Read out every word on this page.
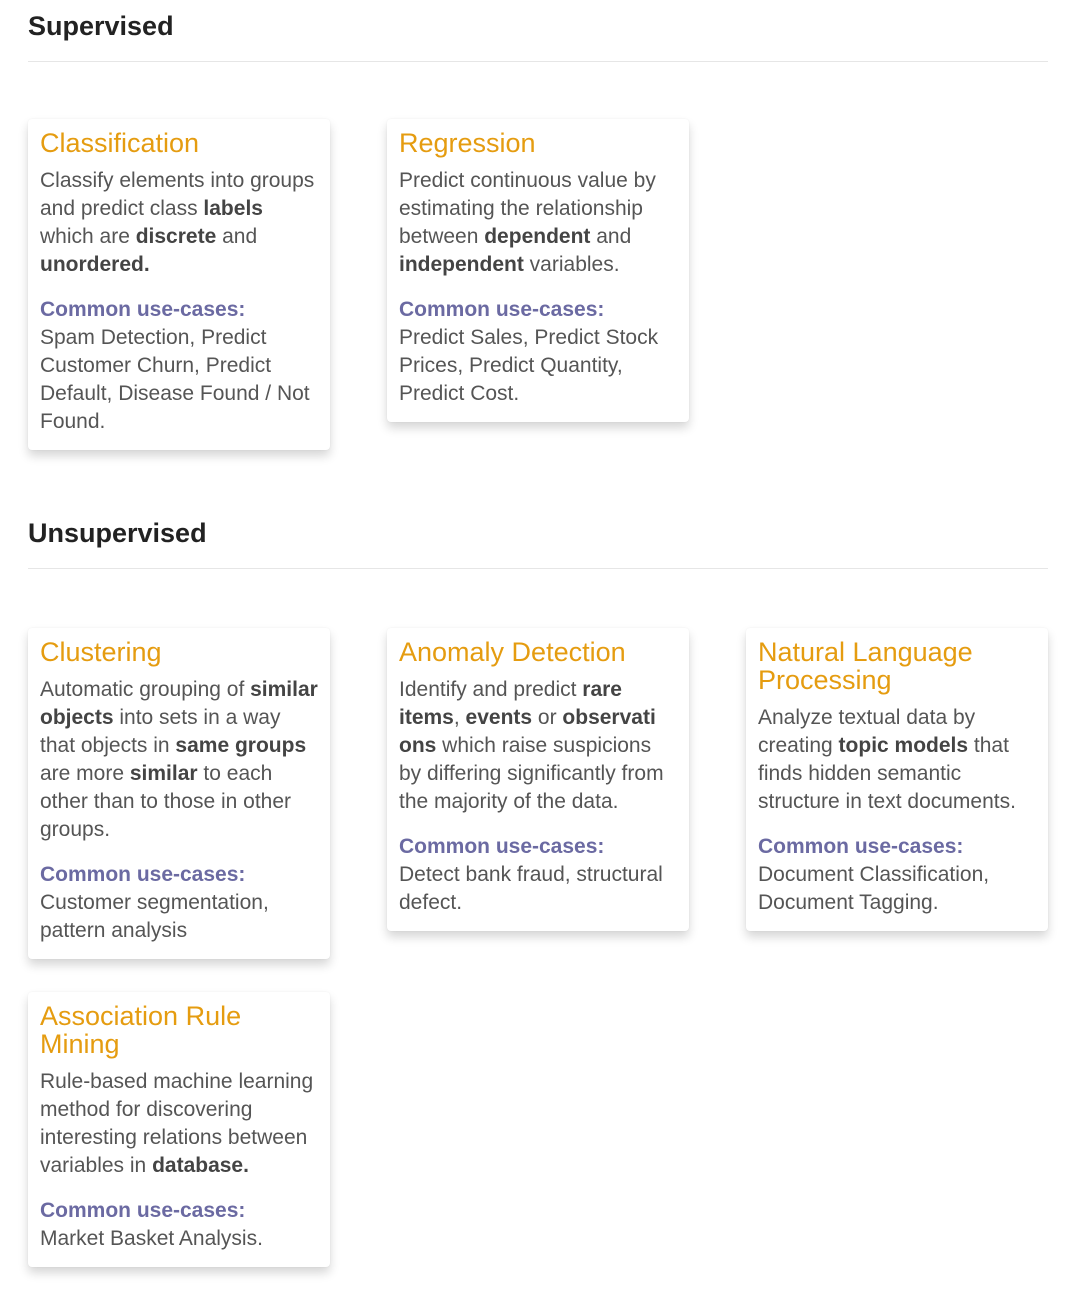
Supervised
Classification

Classify elements into groups and predict class labels which are discrete and unordered.

Common use-cases:
Spam Detection, Predict Customer Churn, Predict Default, Disease Found / Not Found.
Regression

Predict continuous value by estimating the relationship between dependent and independent variables.

Common use-cases:
Predict Sales, Predict Stock Prices, Predict Quantity, Predict Cost.
Unsupervised
Clustering

Automatic grouping of similar objects into sets in a way that objects in same groups are more similar to each other than to those in other groups.

Common use-cases:
Customer segmentation, pattern analysis
Anomaly Detection

Identify and predict rare items, events or observati ons which raise suspicions by differing significantly from the majority of the data.

Common use-cases:
Detect bank fraud, structural defect.
Natural Language Processing

Analyze textual data by creating topic models that finds hidden semantic structure in text documents.

Common use-cases:
Document Classification, Document Tagging.
Association Rule Mining

Rule-based machine learning method for discovering interesting relations between variables in database.

Common use-cases:
Market Basket Analysis.
